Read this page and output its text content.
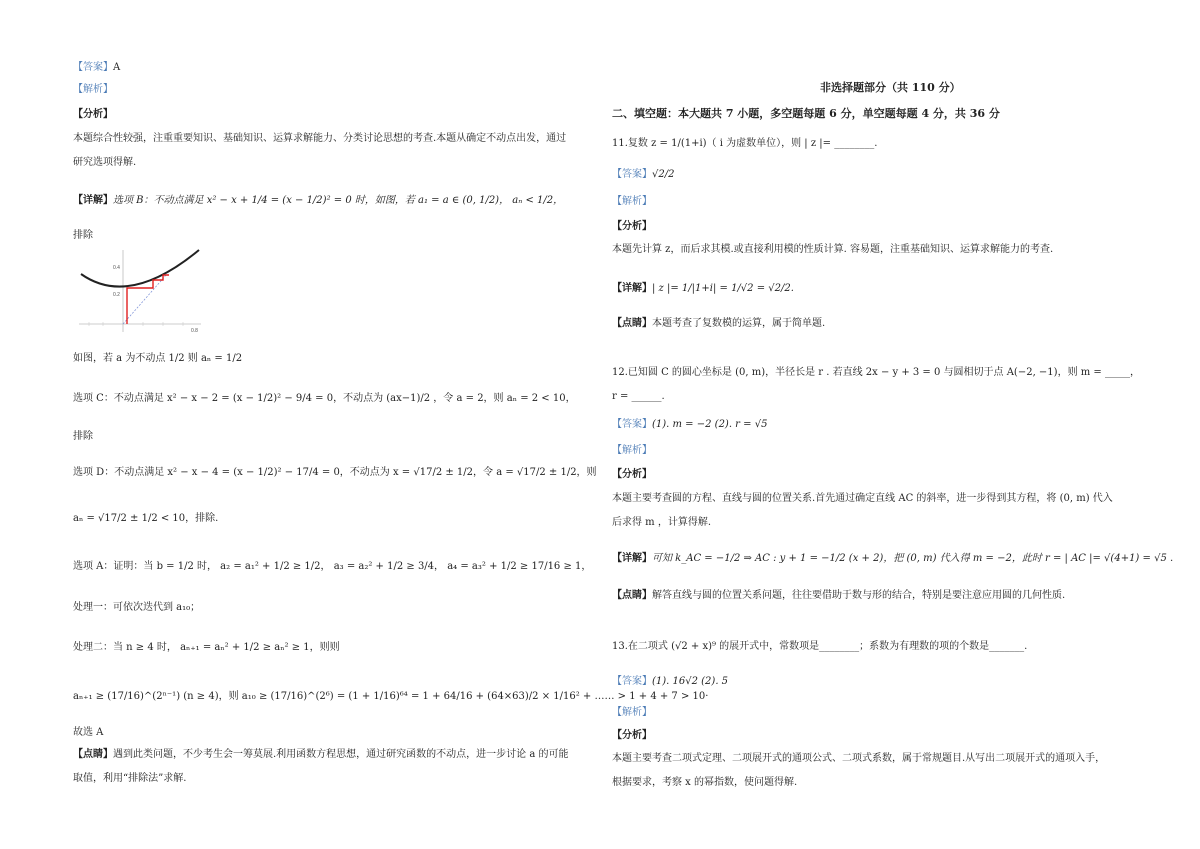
【答案】A
【解析】
【分析】
本题综合性较强，注重重要知识、基础知识、运算求解能力、分类讨论思想的考查.本题从确定不动点出发，通过
研究选项得解.
【详解】选项 B：不动点满足 x² − x + 1/4 = (x − 1/2)² = 0 时，如图，若 a₁ = a ∈ (0, 1/2)， aₙ < 1/2，
排除
0.4
0.2
0.8
如图，若 a 为不动点 1/2 则 aₙ = 1/2
选项 C：不动点满足 x² − x − 2 = (x − 1/2)² − 9/4 = 0，不动点为 (ax−1)/2 ，令 a = 2，则 aₙ = 2 < 10，
排除
选项 D：不动点满足 x² − x − 4 = (x − 1/2)² − 17/4 = 0，不动点为 x = √17/2 ± 1/2，令 a = √17/2 ± 1/2，则
aₙ = √17/2 ± 1/2 < 10，排除.
选项 A：证明：当 b = 1/2 时， a₂ = a₁² + 1/2 ≥ 1/2， a₃ = a₂² + 1/2 ≥ 3/4， a₄ = a₃² + 1/2 ≥ 17/16 ≥ 1，
处理一：可依次迭代到 a₁₀；
处理二：当 n ≥ 4 时， aₙ₊₁ = aₙ² + 1/2 ≥ aₙ² ≥ 1，则则
aₙ₊₁ ≥ (17/16)^(2ⁿ⁻¹) (n ≥ 4)，则 a₁₀ ≥ (17/16)^(2⁶) = (1 + 1/16)⁶⁴ = 1 + 64/16 + (64×63)/2 × 1/16² + …… > 1 + 4 + 7 > 10·
故选 A
【点睛】遇到此类问题，不少考生会一筹莫展.利用函数方程思想，通过研究函数的不动点，进一步讨论 a 的可能
取值，利用“排除法”求解.
非选择题部分（共 110 分）
二、填空题：本大题共 7 小题，多空题每题 6 分，单空题每题 4 分，共 36 分
11.复数 z = 1/(1+i)（ i 为虚数单位），则 | z |= ________.
【答案】√2/2
【解析】
【分析】
本题先计算 z，而后求其模.或直接利用模的性质计算. 容易题，注重基础知识、运算求解能力的考查.
【详解】| z |= 1/|1+i| = 1/√2 = √2/2.
【点睛】本题考查了复数模的运算，属于简单题.
12.已知圆 C 的圆心坐标是 (0, m)，半径长是 r . 若直线 2x − y + 3 = 0 与圆相切于点 A(−2, −1)，则 m = _____，
r = ______.
【答案】(1). m = −2 (2). r = √5
【解析】
【分析】
本题主要考查圆的方程、直线与圆的位置关系.首先通过确定直线 AC 的斜率，进一步得到其方程，将 (0, m) 代入
后求得 m ，计算得解.
【详解】可知 k_AC = −1/2 ⇒ AC : y + 1 = −1/2 (x + 2)，把 (0, m) 代入得 m = −2，此时 r = | AC |= √(4+1) = √5 .
【点睛】解答直线与圆的位置关系问题，往往要借助于数与形的结合，特别是要注意应用圆的几何性质.
13.在二项式 (√2 + x)⁹ 的展开式中，常数项是________；系数为有理数的项的个数是_______.
【答案】(1). 16√2 (2). 5
【解析】
【分析】
本题主要考查二项式定理、二项展开式的通项公式、二项式系数，属于常规题目.从写出二项展开式的通项入手，
根据要求，考察 x 的幂指数，使问题得解.
